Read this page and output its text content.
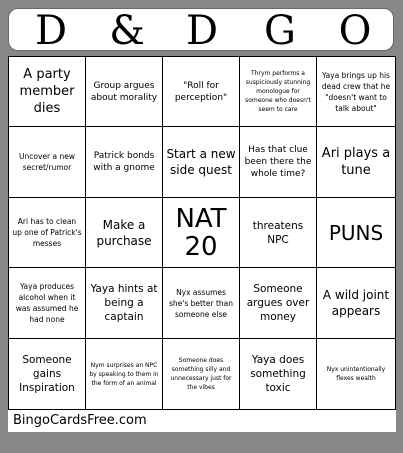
D & D G O
A party member dies
Group argues about morality
"Roll for perception"
Thrym performs a suspiciously stunning monologue for someone who doesn't seem to care
Yaya brings up his dead crew that he "doesn't want to talk about"
Uncover a new secret/rumor
Patrick bonds with a gnome
Start a new side quest
Has that clue been there the whole time?
Ari plays a tune
Ari has to clean up one of Patrick's messes
Make a purchase
NAT 20
threatens NPC	PUNS
Yaya produces alcohol when it was assumed he had none
Yaya hints at being a captain
Nyx assumes she's better than someone else
Someone argues over money
A wild joint appears
Someone gains Inspiration
Nym surprises an NPC by speaking to them in the form of an animal
Someone does something silly and unnecessary just for the vibes
Yaya does something toxic
Nyx unintentionally flexes wealth
BingoCardsFree.com
